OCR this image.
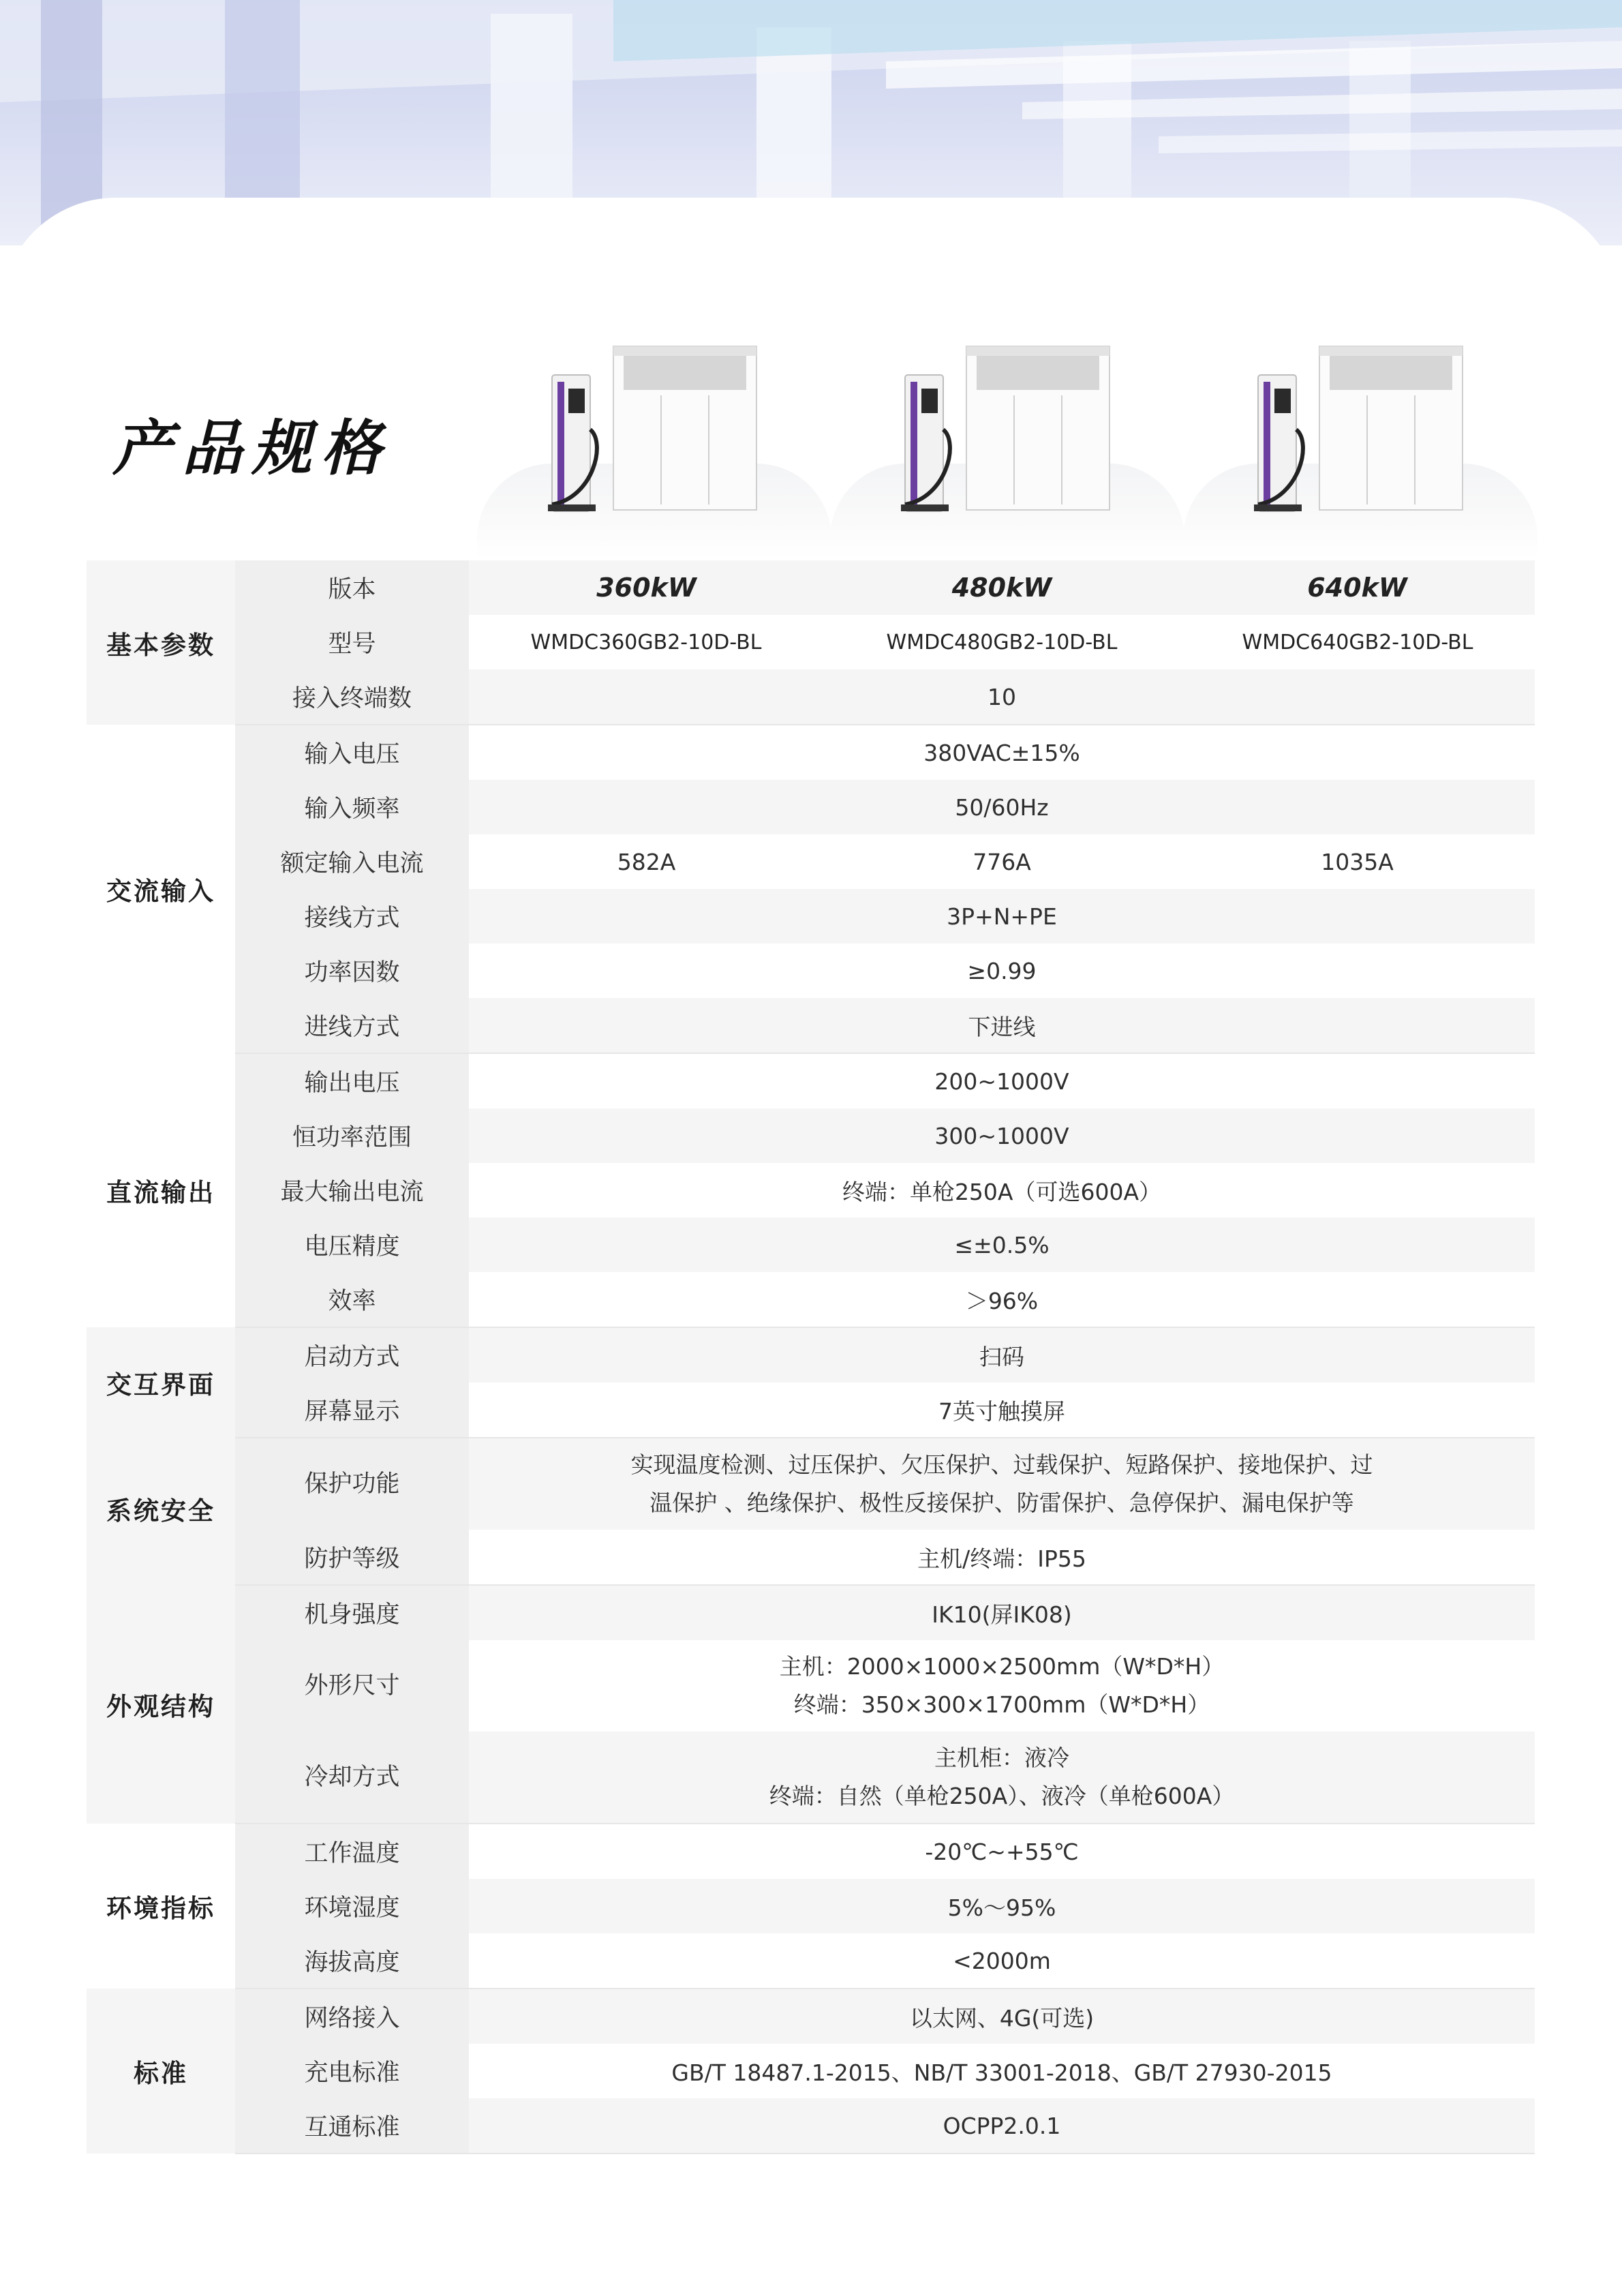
产品规格
基本参数	版本	360kW	480kW	640kW
	型号	WMDC360GB2-10D-BL	WMDC480GB2-10D-BL	WMDC640GB2-10D-BL
	接入终端数	10		
交流输入	输入电压	380VAC±15%		
	输入频率	50/60Hz		
	额定输入电流	582A	776A	1035A
	接线方式	3P+N+PE		
	功率因数	≥0.99		
	进线方式	下进线		
直流输出	输出电压	200~1000V		
	恒功率范围	300~1000V		
	最大输出电流	终端：单枪250A（可选600A）		
	电压精度	≤±0.5%		
	效率	＞96%		
交互界面	启动方式	扫码		
	屏幕显示	7英寸触摸屏		
系统安全	保护功能	实现温度检测、过压保护、欠压保护、过载保护、短路保护、接地保护、过
温保护 、绝缘保护、极性反接保护、防雷保护、急停保护、漏电保护等		

	防护等级	主机/终端：IP55		
外观结构	机身强度	IK10(屏IK08)		
	外形尺寸	主机：2000×1000×2500mm（W*D*H）
终端：350×300×1700mm（W*D*H）		

	冷却方式	主机柜：液冷
终端：自然（单枪250A）、液冷（单枪600A）		

环境指标	工作温度	-20℃~+55℃		
	环境湿度	5%～95%		
	海拔高度	<2000m		
标准	网络接入	以太网、4G(可选)		
	充电标准	GB/T 18487.1-2015、NB/T 33001-2018、GB/T 27930-2015		
	互通标准	OCPP2.0.1		
